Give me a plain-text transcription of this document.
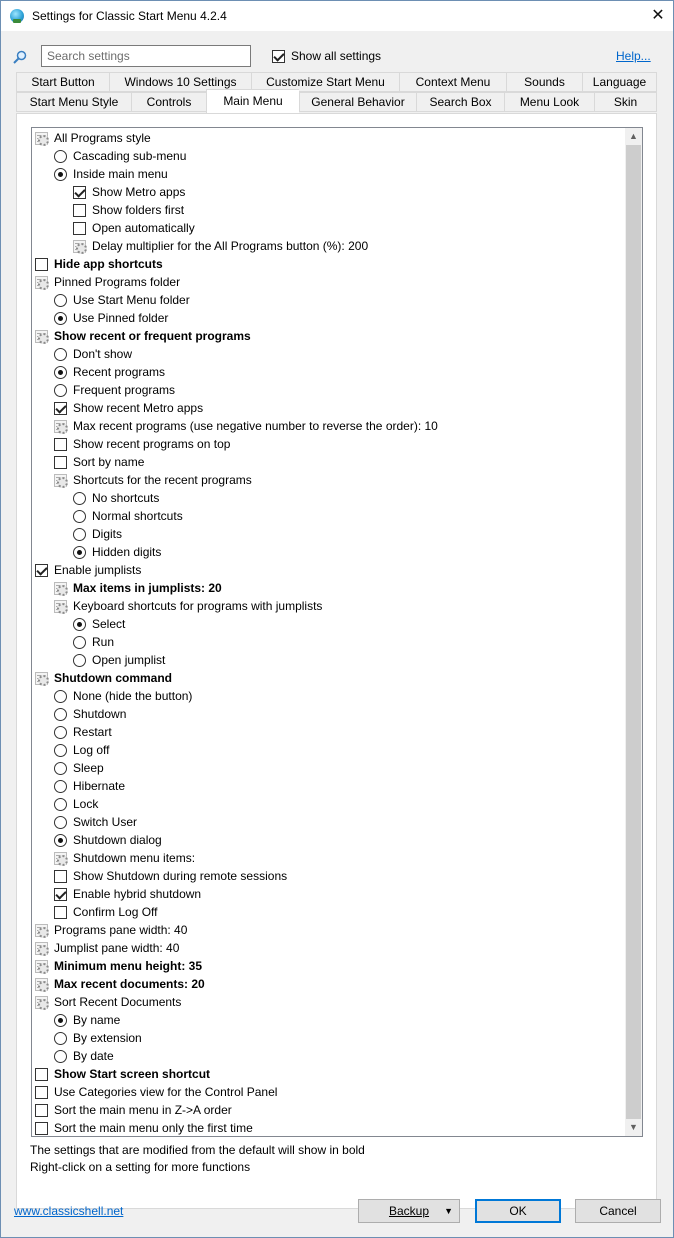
Settings for Classic Start Menu 4.2.4	✕
Search settings
Show all settings	Help...
Start Button	Windows 10 Settings	Customize Start Menu	Context Menu	Sounds	Language
Start Menu Style	Controls	Main Menu	General Behavior	Search Box	Menu Look	Skin
The settings that are modified from the default will show in bold
Right-click on a setting for more functions
All Programs style
Cascading sub-menu
Inside main menu
Show Metro apps
Show folders first
Open automatically
Delay multiplier for the All Programs button (%): 200
Hide app shortcuts
Pinned Programs folder
Use Start Menu folder
Use Pinned folder
Show recent or frequent programs
Don't show
Recent programs
Frequent programs
Show recent Metro apps
Max recent programs (use negative number to reverse the order): 10
Show recent programs on top
Sort by name
Shortcuts for the recent programs
No shortcuts
Normal shortcuts
Digits
Hidden digits
Enable jumplists
Max items in jumplists: 20
Keyboard shortcuts for programs with jumplists
Select
Run
Open jumplist
Shutdown command
None (hide the button)
Shutdown
Restart
Log off
Sleep
Hibernate
Lock
Switch User
Shutdown dialog
Shutdown menu items:
Show Shutdown during remote sessions
Enable hybrid shutdown
Confirm Log Off
Programs pane width: 40
Jumplist pane width: 40
Minimum menu height: 35
Max recent documents: 20
Sort Recent Documents
By name
By extension
By date
Show Start screen shortcut
Use Categories view for the Control Panel
Sort the main menu in Z->A order
Sort the main menu only the first time
▲
▼
www.classicshell.net	Backup ▼	OK	Cancel
